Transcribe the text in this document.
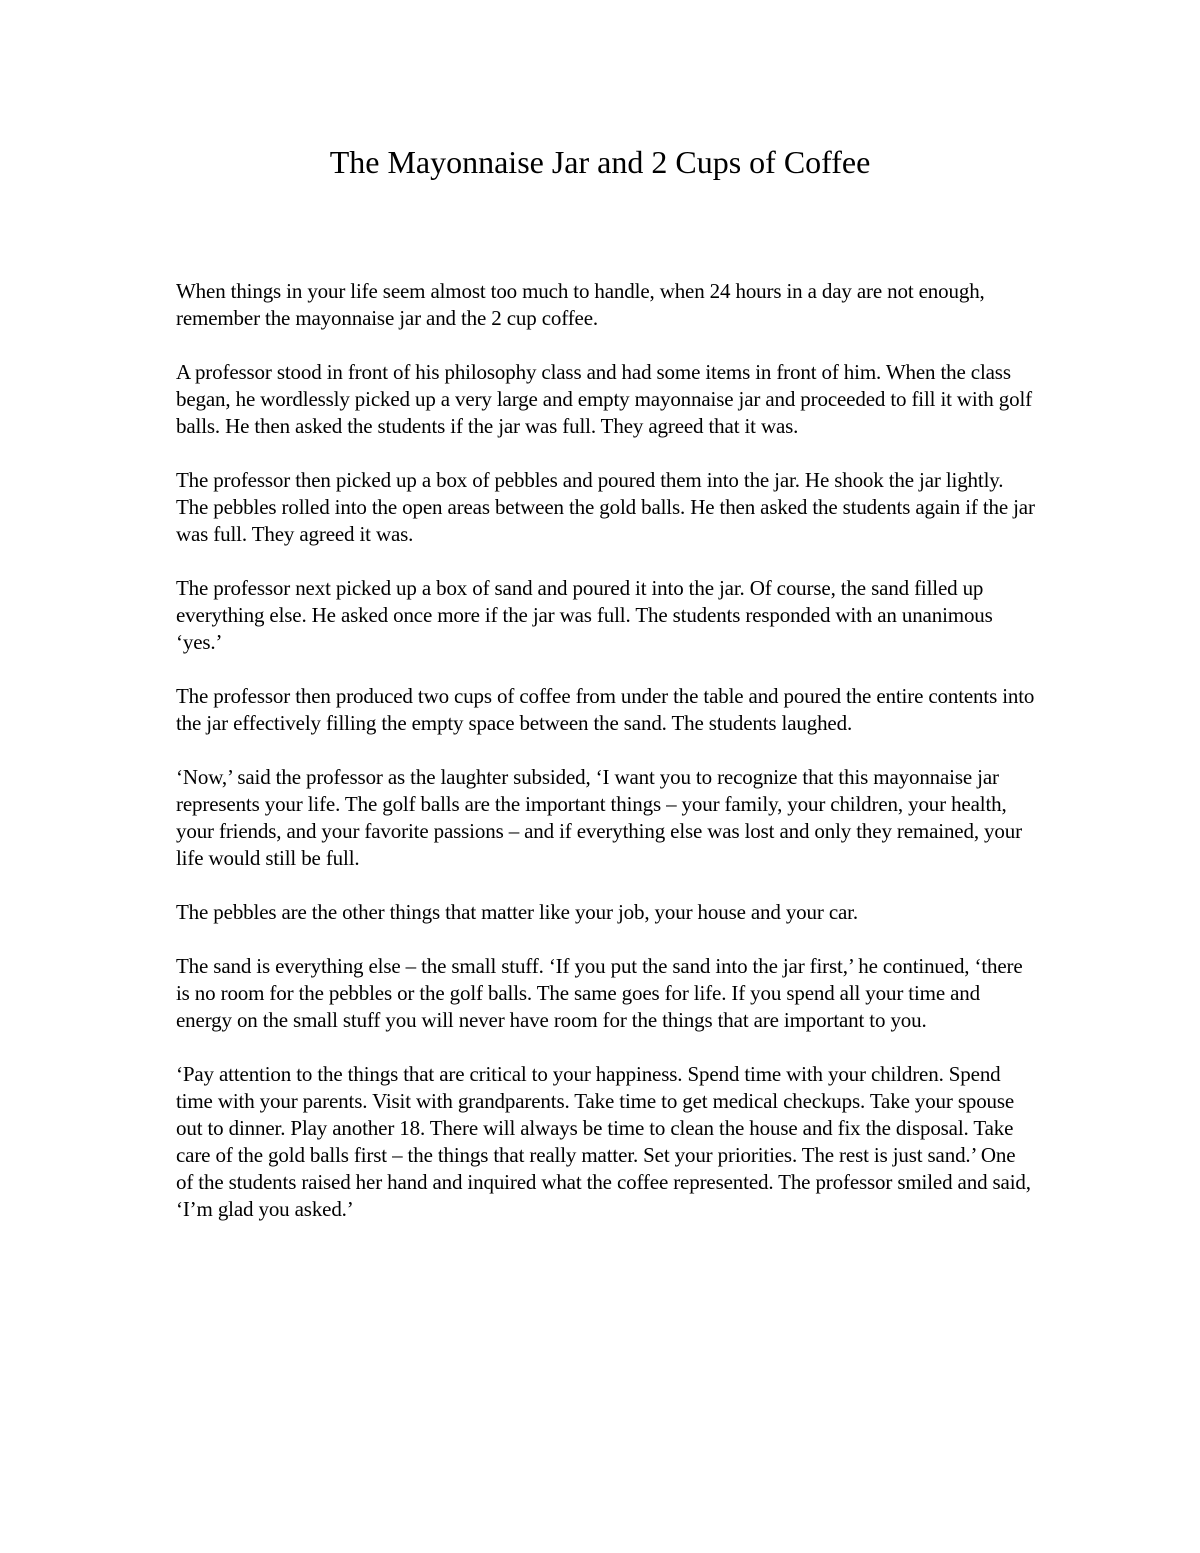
The Mayonnaise Jar and 2 Cups of Coffee

When things in your life seem almost too much to handle, when 24 hours in a day are not enough, remember the mayonnaise jar and the 2 cup coffee.

A professor stood in front of his philosophy class and had some items in front of him. When the class began, he wordlessly picked up a very large and empty mayonnaise jar and proceeded to fill it with golf balls. He then asked the students if the jar was full. They agreed that it was.

The professor then picked up a box of pebbles and poured them into the jar. He shook the jar lightly. The pebbles rolled into the open areas between the gold balls. He then asked the students again if the jar was full. They agreed it was.

The professor next picked up a box of sand and poured it into the jar. Of course, the sand filled up everything else. He asked once more if the jar was full. The students responded with an unanimous ‘yes.’

The professor then produced two cups of coffee from under the table and poured the entire contents into the jar effectively filling the empty space between the sand. The students laughed.

‘Now,’ said the professor as the laughter subsided, ‘I want you to recognize that this mayonnaise jar represents your life. The golf balls are the important things – your family, your children, your health, your friends, and your favorite passions – and if everything else was lost and only they remained, your life would still be full.

The pebbles are the other things that matter like your job, your house and your car.

The sand is everything else – the small stuff. ‘If you put the sand into the jar first,’ he continued, ‘there is no room for the pebbles or the golf balls. The same goes for life. If you spend all your time and energy on the small stuff you will never have room for the things that are important to you.

‘Pay attention to the things that are critical to your happiness. Spend time with your children. Spend time with your parents. Visit with grandparents. Take time to get medical checkups. Take your spouse out to dinner. Play another 18. There will always be time to clean the house and fix the disposal. Take care of the gold balls first – the things that really matter. Set your priorities. The rest is just sand.’ One of the students raised her hand and inquired what the coffee represented. The professor smiled and said, ‘I’m glad you asked.’
